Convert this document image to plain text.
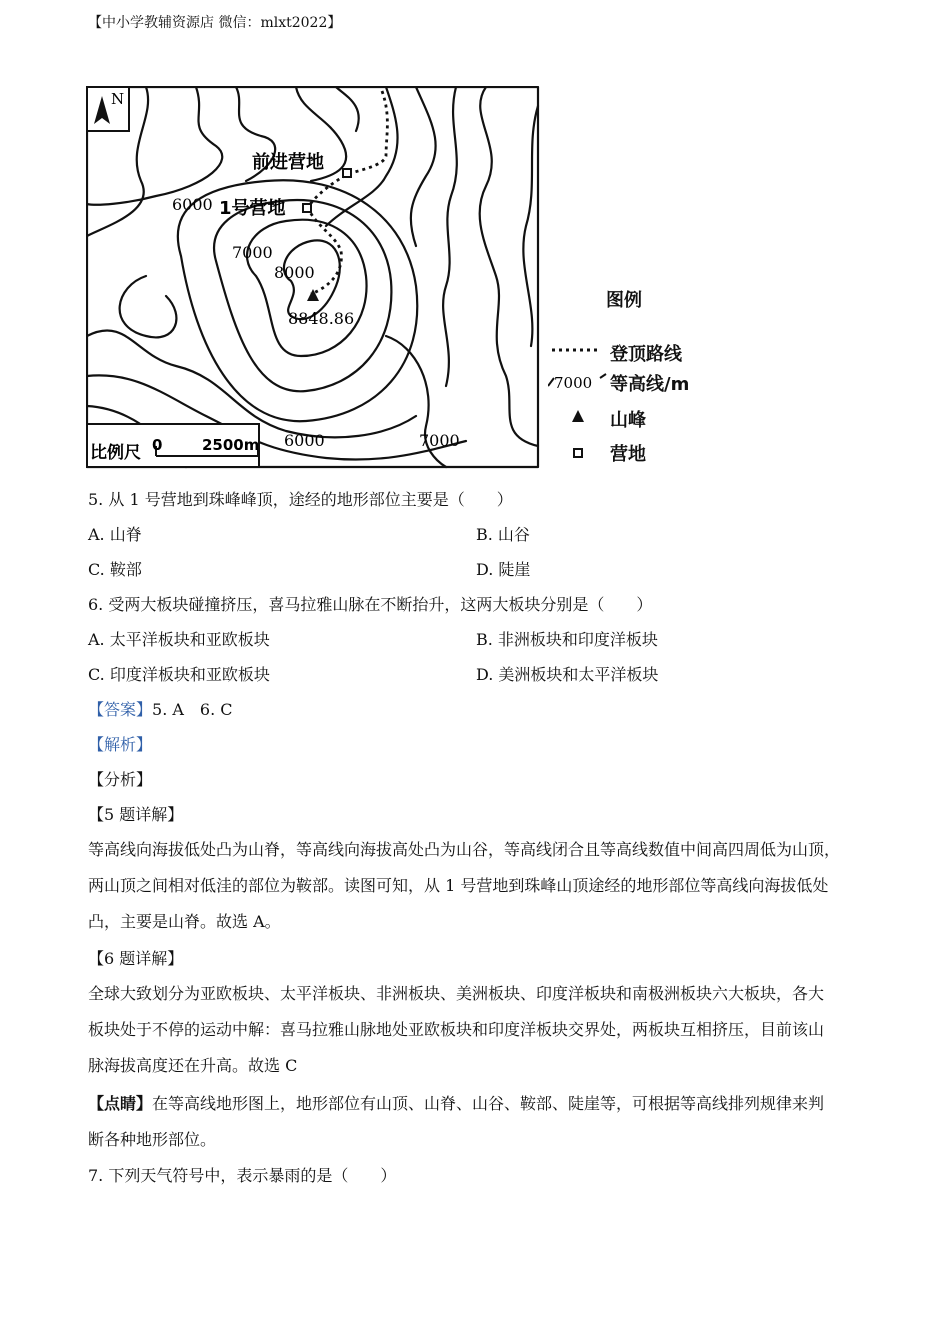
【中小学教辅资源店 微信：mlxt2022】
N
前进营地
1号营地
6000
7000
8000
8848.86
6000	7000
比例尺 0	2500m
图例
7000
登顶路线
等高线/m
山峰
营地
5. 从 1 号营地到珠峰峰顶，途经的地形部位主要是（　　）
A. 山脊	B. 山谷
C. 鞍部	D. 陡崖
6. 受两大板块碰撞挤压，喜马拉雅山脉在不断抬升，这两大板块分别是（　　）
A. 太平洋板块和亚欧板块	B. 非洲板块和印度洋板块
C. 印度洋板块和亚欧板块	D. 美洲板块和太平洋板块
【答案】5. A　6. C
【解析】
【分析】
【5 题详解】
等高线向海拔低处凸为山脊，等高线向海拔高处凸为山谷，等高线闭合且等高线数值中间高四周低为山顶，
两山顶之间相对低洼的部位为鞍部。读图可知，从 1 号营地到珠峰山顶途经的地形部位等高线向海拔低处
凸，主要是山脊。故选 A。
【6 题详解】
全球大致划分为亚欧板块、太平洋板块、非洲板块、美洲板块、印度洋板块和南极洲板块六大板块，各大
板块处于不停的运动中解：喜马拉雅山脉地处亚欧板块和印度洋板块交界处，两板块互相挤压，目前该山
脉海拔高度还在升高。故选 C
【点睛】在等高线地形图上，地形部位有山顶、山脊、山谷、鞍部、陡崖等，可根据等高线排列规律来判
断各种地形部位。
7. 下列天气符号中，表示暴雨的是（　　）
